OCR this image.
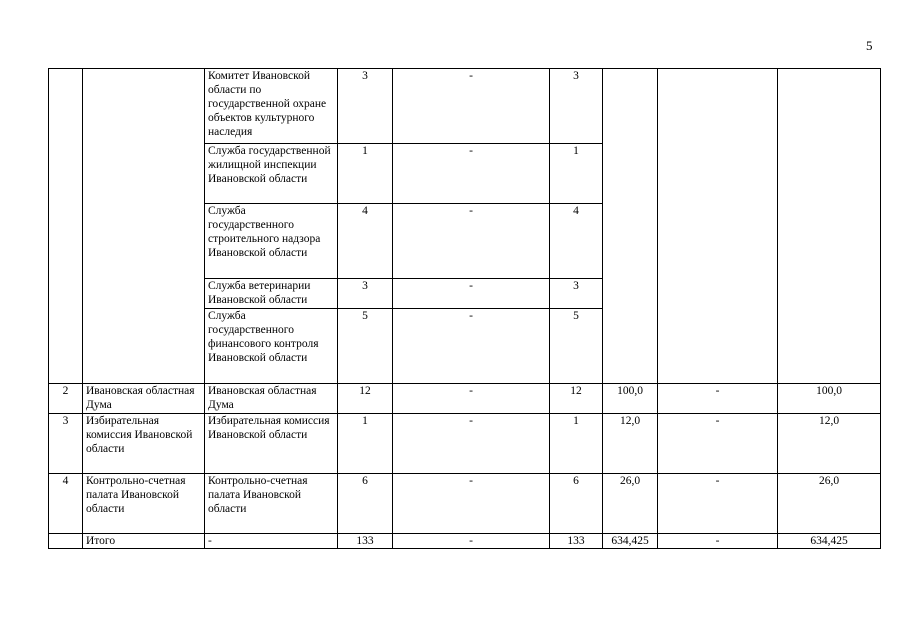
5
		Комитет Ивановской области по государственной охране объектов культурного наследия	3	-	3			
		Служба государственной жилищной инспекции Ивановской области	1	-	1			
		Служба государственного строительного надзора Ивановской области	4	-	4			
		Служба ветеринарии Ивановской области	3	-	3			
		Служба государственного финансового контроля Ивановской области	5	-	5			
2	Ивановская областная Дума	Ивановская областная Дума	12	-	12	100,0	-	100,0
3	Избирательная комиссия Ивановской области	Избирательная комиссия Ивановской области	1	-	1	12,0	-	12,0
4	Контрольно-счетная палата Ивановской области	Контрольно-счетная палата Ивановской области	6	-	6	26,0	-	26,0
	Итого	-	133	-	133	634,425	-	634,425
